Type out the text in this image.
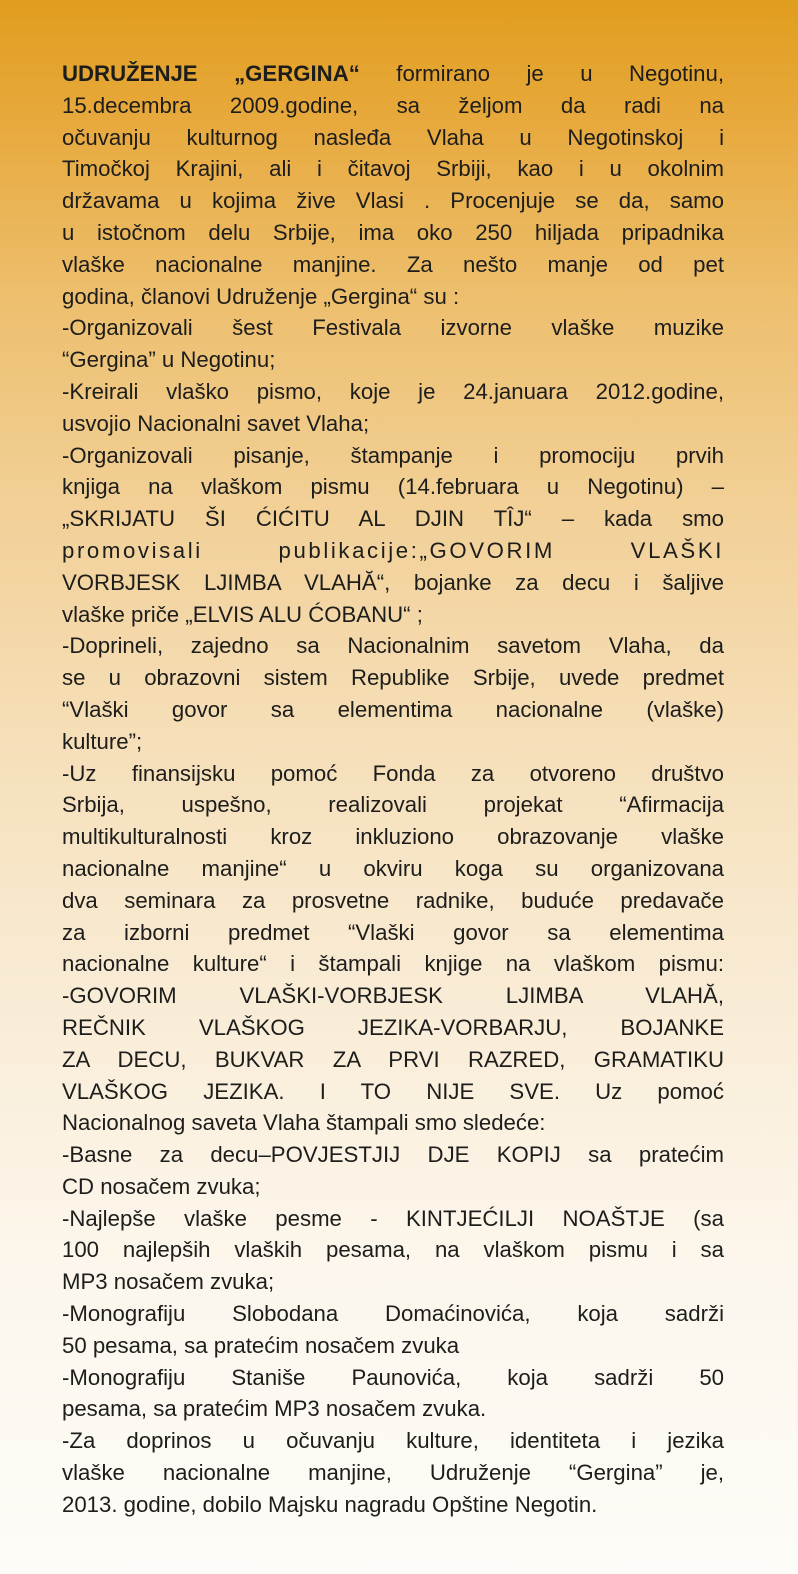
UDRUŽENJE „GERGINA“ formirano je u Negotinu,
15.decembra 2009.godine, sa željom da radi na
očuvanju kulturnog nasleđa Vlaha u Negotinskoj i
Timočkoj Krajini, ali i čitavoj Srbiji, kao i u okolnim
državama u kojima žive Vlasi . Procenjuje se da, samo
u istočnom delu Srbije, ima oko 250 hiljada pripadnika
vlaške nacionalne manjine. Za nešto manje od pet
godina, članovi Udruženje „Gergina“ su :
-Organizovali šest Festivala izvorne vlaške muzike
“Gergina” u Negotinu;
-Kreirali vlaško pismo, koje je 24.januara 2012.godine,
usvojio Nacionalni savet Vlaha;
-Organizovali pisanje, štampanje i promociju prvih
knjiga na vlaškom pismu (14.februara u Negotinu) –
„SKRIJATU ŠI ĆIĆITU AL DJIN TÎJ“ – kada smo
promovisali publikacije:„GOVORIM VLAŠKI
VORBJESK LJIMBA VLAHĂ“, bojanke za decu i šaljive
vlaške priče „ELVIS ALU ĆOBANU“ ;
-Doprineli, zajedno sa Nacionalnim savetom Vlaha, da
se u obrazovni sistem Republike Srbije, uvede predmet
“Vlaški govor sa elementima nacionalne (vlaške)
kulture”;
-Uz finansijsku pomoć Fonda za otvoreno društvo
Srbija, uspešno, realizovali projekat “Afirmacija
multikulturalnosti kroz inkluziono obrazovanje vlaške
nacionalne manjine“ u okviru koga su organizovana
dva seminara za prosvetne radnike, buduće predavače
za izborni predmet “Vlaški govor sa elementima
nacionalne kulture“ i štampali knjige na vlaškom pismu:
-GOVORIM VLAŠKI-VORBJESK LJIMBA VLAHĂ,
REČNIK VLAŠKOG JEZIKA-VORBARJU, BOJANKE
ZA DECU, BUKVAR ZA PRVI RAZRED, GRAMATIKU
VLAŠKOG JEZIKA. I TO NIJE SVE. Uz pomoć
Nacionalnog saveta Vlaha štampali smo sledeće:
-Basne za decu–POVJESTJIJ DJE KOPIJ sa pratećim
CD nosačem zvuka;
-Najlepše vlaške pesme - KINTJEĆILJI NOAŠTJE (sa
100 najlepših vlaških pesama, na vlaškom pismu i sa
MP3 nosačem zvuka;
-Monografiju Slobodana Domaćinovića, koja sadrži
50 pesama, sa pratećim nosačem zvuka
-Monografiju Staniše Paunovića, koja sadrži 50
pesama, sa pratećim MP3 nosačem zvuka.
-Za doprinos u očuvanju kulture, identiteta i jezika
vlaške nacionalne manjine, Udruženje “Gergina” je,
2013. godine, dobilo Majsku nagradu Opštine Negotin.
